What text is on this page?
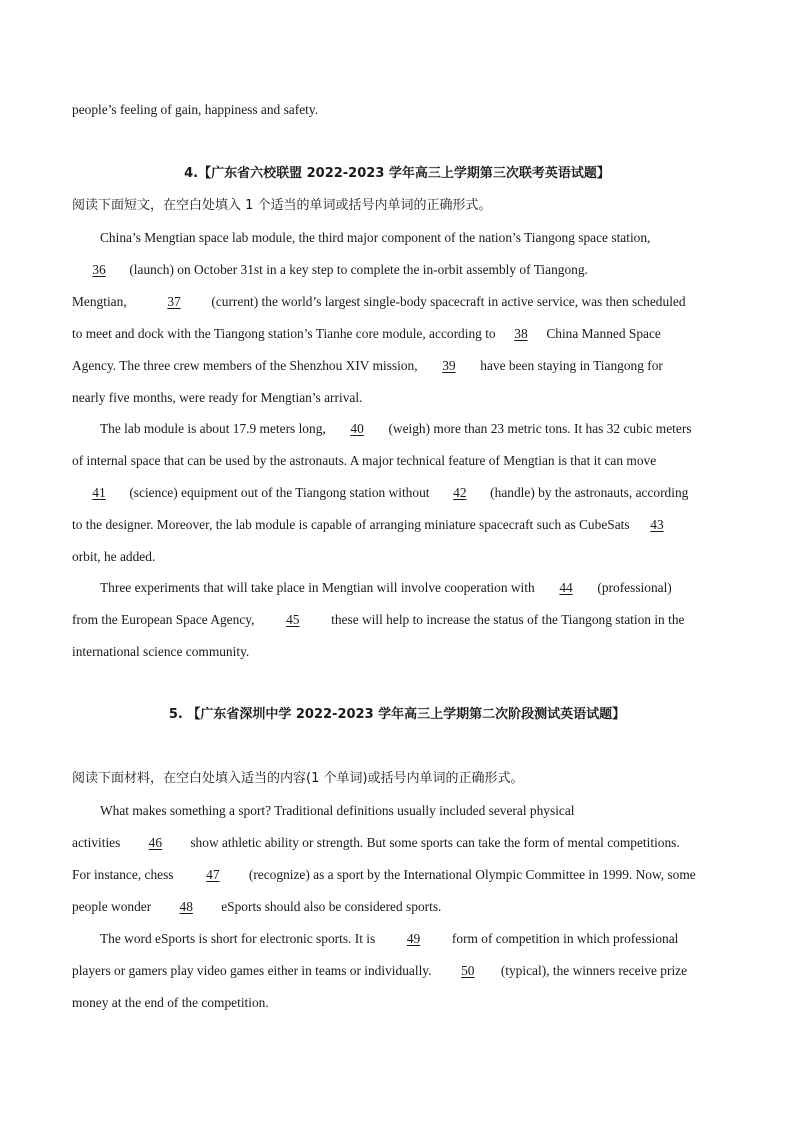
people’s feeling of gain, happiness and safety.
4.【广东省六校联盟 2022-2023 学年高三上学期第三次联考英语试题】
阅读下面短文，在空白处填入 1 个适当的单词或括号内单词的正确形式。
China’s Mengtian space lab module, the third major component of the nation’s Tiangong space station,
36 (launch) on October 31st in a key step to complete the in-orbit assembly of Tiangong.
Mengtian,	37 (current) the world’s largest single-body spacecraft in active service, was then scheduled
to meet and dock with the Tiangong station’s Tianhe core module, according to 38 China Manned Space
Agency. The three crew members of the Shenzhou XIV mission, 39 have been staying in Tiangong for
nearly five months, were ready for Mengtian’s arrival.
The lab module is about 17.9 meters long, 40 (weigh) more than 23 metric tons. It has 32 cubic meters
of internal space that can be used by the astronauts. A major technical feature of Mengtian is that it can move
41 (science) equipment out of the Tiangong station without 42 (handle) by the astronauts, according
to the designer. Moreover, the lab module is capable of arranging miniature spacecraft such as CubeSats 43
orbit, he added.
Three experiments that will take place in Mengtian will involve cooperation with 44 (professional)
from the European Space Agency, 45 these will help to increase the status of the Tiangong station in the
international science community.
5. 【广东省深圳中学 2022-2023 学年高三上学期第二次阶段测试英语试题】
阅读下面材料，在空白处填入适当的内容(1 个单词)或括号内单词的正确形式。
What makes something a sport? Traditional definitions usually included several physical
activities 46 show athletic ability or strength. But some sports can take the form of mental competitions.
For instance, chess 47 (recognize) as a sport by the International Olympic Committee in 1999. Now, some
people wonder 48 eSports should also be considered sports.
The word eSports is short for electronic sports. It is 49 form of competition in which professional
players or gamers play video games either in teams or individually. 50 (typical), the winners receive prize
money at the end of the competition.
